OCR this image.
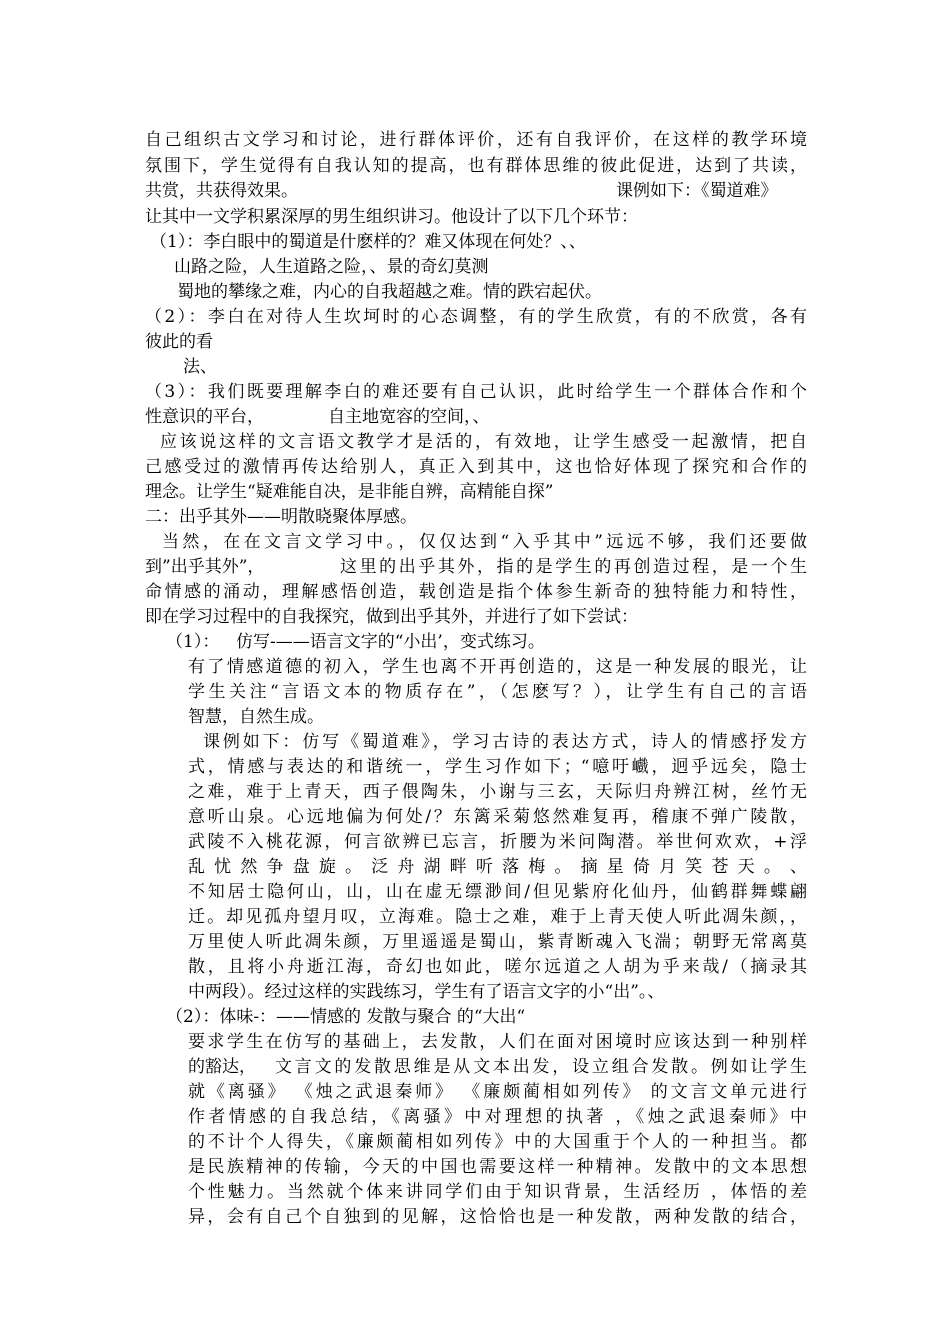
自己组织古文学习和讨论，进行群体评价，还有自我评价，在这样的教学环境
氛围下，学生觉得有自我认知的提高，也有群体思维的彼此促进，达到了共读，
共赏，共获得效果。	课例如下：《蜀道难》
让其中一文学积累深厚的男生组织讲习。他设计了以下几个环节：
（1）：李白眼中的蜀道是什麽样的？难又体现在何处？、、
山路之险，人生道路之险，、景的奇幻莫测
蜀地的攀缘之难，内心的自我超越之难。情的跌宕起伏。
（2）：李白在对待人生坎坷时的心态调整，有的学生欣赏，有的不欣赏，各有
彼此的看
法、
（3）：我们既要理解李白的难还要有自己认识，此时给学生一个群体合作和个
性意识的平台，	自主地宽容的空间，、
应该说这样的文言语文教学才是活的，有效地，让学生感受一起激情，把自
己感受过的激情再传达给别人，真正入到其中，这也恰好体现了探究和合作的
理念。让学生“疑难能自决，是非能自辨，高精能自探”
二：出乎其外——明散晓聚体厚感。
当然，在在文言文学习中。，仅仅达到“入乎其中”远远不够，我们还要做
到”出乎其外”，	这里的出乎其外，指的是学生的再创造过程，是一个生
命情感的涌动，理解感悟创造，载创造是指个体参生新奇的独特能力和特性，
即在学习过程中的自我探究，做到出乎其外，并进行了如下尝试：
（1）： 仿写-——语言文字的“小出’，变式练习。
有了情感道德的初入，学生也离不开再创造的，这是一种发展的眼光，让
学生关注“言语文本的物质存在”，（怎麽写？），让学生有自己的言语
智慧，自然生成。
课例如下：仿写《蜀道难》，学习古诗的表达方式，诗人的情感抒发方
式，情感与表达的和谐统一，学生习作如下；“噫吁巇，迥乎远矣，隐士
之难，难于上青天，西子偎陶朱，小谢与三玄，天际归舟辨江树，丝竹无
意听山泉。心远地偏为何处/？东篱采菊悠然难复再，稽康不弹广陵散，
武陵不入桃花源，何言欲辨已忘言，折腰为米问陶潜。举世何欢欢，+浮
乱 忧 然 争 盘 旋 。 泛 舟 湖 畔 听 落 梅 。 摘 星 倚 月 笑 苍 天 。 、
不知居士隐何山，山，山在虚无缥渺间/但见紫府化仙丹，仙鹤群舞蝶翩
迁。却见孤舟望月叹，立海难。隐士之难，难于上青天使人听此凋朱颜，，
万里使人听此凋朱颜，万里遥遥是蜀山，紫青断魂入飞湍；朝野无常离莫
散，且将小舟逝江海，奇幻也如此，嗟尔远道之人胡为乎来哉/（摘录其
中两段）。经过这样的实践练习，学生有了语言文字的小“出”。、
（2）：体味-：——情感的 发散与聚合 的“大出“
要求学生在仿写的基础上，去发散，人们在面对困境时应该达到一种别样
的豁达， 文言文的发散思维是从文本出发，设立组合发散。例如让学生
就《离骚》 《烛之武退秦师》 《廉颇蔺相如列传》 的文言文单元进行
作者情感的自我总结，《离骚》中对理想的执著 ，《烛之武退秦师》中
的不计个人得失，《廉颇蔺相如列传》中的大国重于个人的一种担当。都
是民族精神的传输，今天的中国也需要这样一种精神。发散中的文本思想
个性魅力。当然就个体来讲同学们由于知识背景，生活经历 ，体悟的差
异，会有自己个自独到的见解，这恰恰也是一种发散，两种发散的结合，
